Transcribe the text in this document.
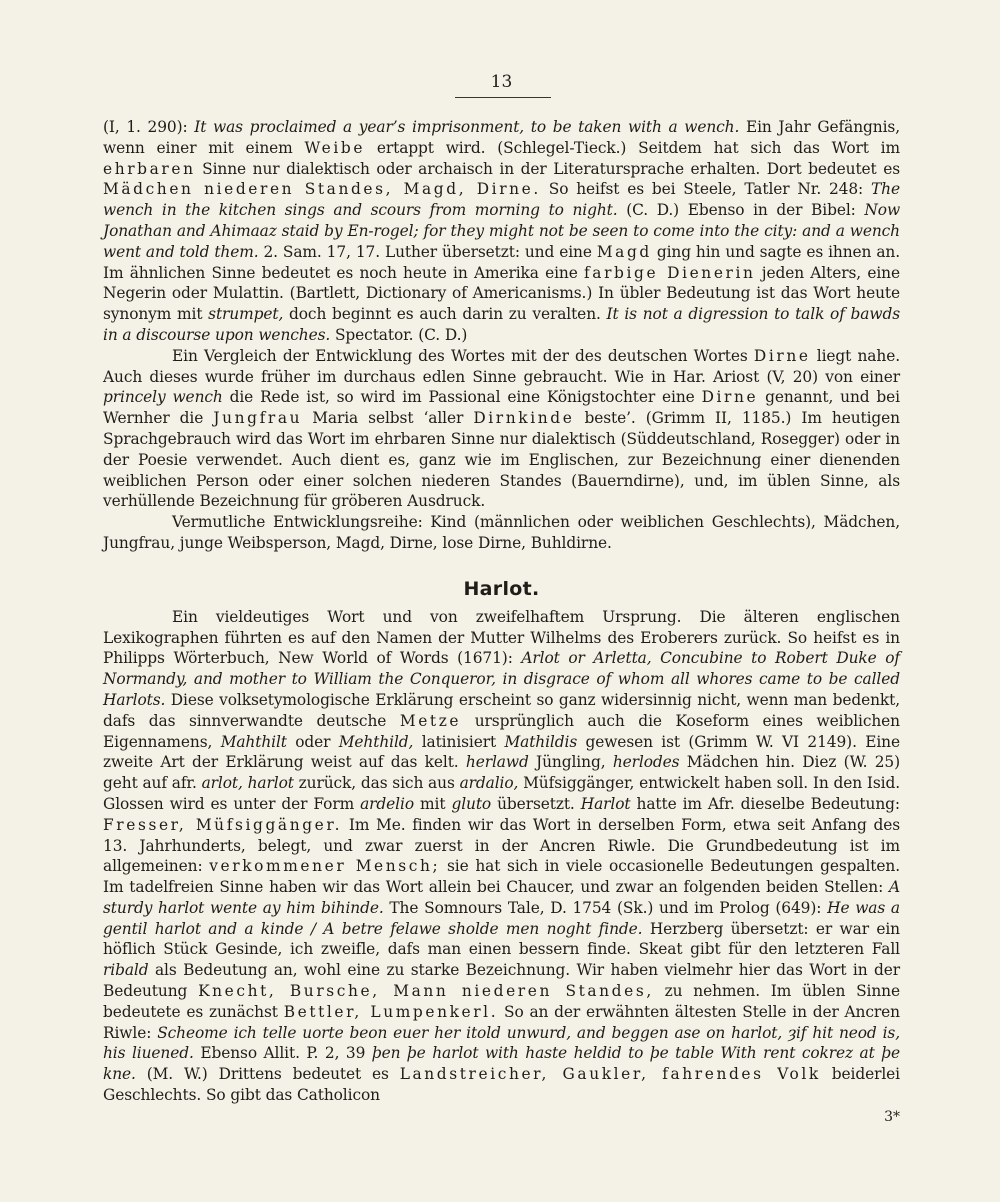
13

(I, 1. 290): It was proclaimed a year’s imprisonment, to be taken with a wench. Ein Jahr Gefängnis, wenn einer mit einem Weibe ertappt wird. (Schlegel-Tieck.) Seitdem hat sich das Wort im ehrbaren Sinne nur dialektisch oder archaisch in der Literatursprache erhalten. Dort bedeutet es Mädchen niederen Standes, Magd, Dirne. So heifst es bei Steele, Tatler Nr. 248: The wench in the kitchen sings and scours from morning to night. (C. D.) Ebenso in der Bibel: Now Jonathan and Ahimaaz staid by En-rogel; for they might not be seen to come into the city: and a wench went and told them. 2. Sam. 17, 17. Luther übersetzt: und eine Magd ging hin und sagte es ihnen an. Im ähnlichen Sinne bedeutet es noch heute in Amerika eine farbige Dienerin jeden Alters, eine Negerin oder Mulattin. (Bartlett, Dictionary of Americanisms.) In übler Bedeutung ist das Wort heute synonym mit strumpet, doch beginnt es auch darin zu veralten. It is not a digression to talk of bawds in a discourse upon wenches. Spectator. (C. D.)

Ein Vergleich der Entwicklung des Wortes mit der des deutschen Wortes Dirne liegt nahe. Auch dieses wurde früher im durchaus edlen Sinne gebraucht. Wie in Har. Ariost (V, 20) von einer princely wench die Rede ist, so wird im Passional eine Königstochter eine Dirne genannt, und bei Wernher die Jungfrau Maria selbst ‘aller Dirnkinde beste’. (Grimm II, 1185.) Im heutigen Sprachgebrauch wird das Wort im ehrbaren Sinne nur dialektisch (Süddeutschland, Rosegger) oder in der Poesie verwendet. Auch dient es, ganz wie im Englischen, zur Bezeichnung einer dienenden weiblichen Person oder einer solchen niederen Standes (Bauerndirne), und, im üblen Sinne, als verhüllende Bezeichnung für gröberen Ausdruck.

Vermutliche Entwicklungsreihe: Kind (männlichen oder weiblichen Geschlechts), Mädchen, Jungfrau, junge Weibsperson, Magd, Dirne, lose Dirne, Buhldirne.

Harlot.

Ein vieldeutiges Wort und von zweifelhaftem Ursprung. Die älteren englischen Lexikographen führten es auf den Namen der Mutter Wilhelms des Eroberers zurück. So heifst es in Philipps Wörterbuch, New World of Words (1671): Arlot or Arletta, Concubine to Robert Duke of Normandy, and mother to William the Conqueror, in disgrace of whom all whores came to be called Harlots. Diese volksetymologische Erklärung erscheint so ganz widersinnig nicht, wenn man bedenkt, dafs das sinnverwandte deutsche Metze ursprünglich auch die Koseform eines weiblichen Eigennamens, Mahthilt oder Mehthild, latinisiert Mathildis gewesen ist (Grimm W. VI 2149). Eine zweite Art der Erklärung weist auf das kelt. herlawd Jüngling, herlodes Mädchen hin. Diez (W. 25) geht auf afr. arlot, harlot zurück, das sich aus ardalio, Müfsiggänger, entwickelt haben soll. In den Isid. Glossen wird es unter der Form ardelio mit gluto übersetzt. Harlot hatte im Afr. dieselbe Bedeutung: Fresser, Müfsiggänger. Im Me. finden wir das Wort in derselben Form, etwa seit Anfang des 13. Jahrhunderts, belegt, und zwar zuerst in der Ancren Riwle. Die Grundbedeutung ist im allgemeinen: verkommener Mensch; sie hat sich in viele occasionelle Bedeutungen gespalten. Im tadelfreien Sinne haben wir das Wort allein bei Chaucer, und zwar an folgenden beiden Stellen: A sturdy harlot wente ay him bihinde. The Somnours Tale, D. 1754 (Sk.) und im Prolog (649): He was a gentil harlot and a kinde / A betre felawe sholde men noght finde. Herzberg übersetzt: er war ein höflich Stück Gesinde, ich zweifle, dafs man einen bessern finde. Skeat gibt für den letzteren Fall ribald als Bedeutung an, wohl eine zu starke Bezeichnung. Wir haben vielmehr hier das Wort in der Bedeutung Knecht, Bursche, Mann niederen Standes, zu nehmen. Im üblen Sinne bedeutete es zunächst Bettler, Lumpenkerl. So an der erwähnten ältesten Stelle in der Ancren Riwle: Scheome ich telle uorte beon euer her itold unwurd, and beggen ase on harlot, ȝif hit neod is, his liuened. Ebenso Allit. P. 2, 39 þen þe harlot with haste heldid to þe table With rent cokrez at þe kne. (M. W.) Drittens bedeutet es Landstreicher, Gaukler, fahrendes Volk beiderlei Geschlechts. So gibt das Catholicon

3*
